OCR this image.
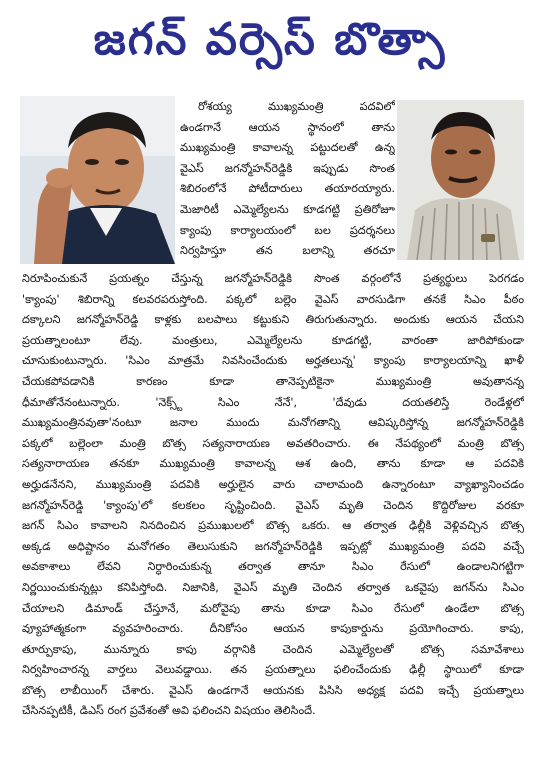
జగన్ వర్సెస్ బొత్సా
రోశయ్య ముఖ్యమంత్రి పదవిలో
ఉండగానే ఆయన స్థానంలో తాను
ముఖ్యమంత్రి కావాలన్న పట్టుదలతో ఉన్న
వైఎస్ జగన్మోహన్‌రెడ్డికి ఇప్పుడు సొంత
శిబిరంలోనే పోటీదారులు తయారయ్యారు.
మెజారిటీ ఎమ్మెల్యేలను కూడగట్టి ప్రతిరోజూ
క్యాంపు కార్యాలయంలో బల ప్రదర్శనలు
నిర్వహిస్తూ తన బలాన్ని తరచూ
నిరూపించుకునే ప్రయత్నం చేస్తున్న జగన్మోహన్‌రెడ్డికి సొంత వర్గంలోనే ప్రత్యర్థులు పెరగడం
'క్యాంపు' శిబిరాన్ని కలవరపరుస్తోంది. పక్కలో బల్లెం వైఎస్ వారసుడిగా తనకే సిఎం పీఠం
దక్కాలని జగన్మోహన్‌రెడ్డి కాళ్లకు బలపాలు కట్టుకుని తిరుగుతున్నారు. అందుకు ఆయన చేయని
ప్రయత్నాలంటూ లేవు. మంత్రులు, ఎమ్మెల్యేలను కూడగట్టి, వారంతా జారిపోకుండా
చూసుకుంటున్నారు. 'సిఎం మాత్రమే నివసించేందుకు అర్హతలున్న' క్యాంపు కార్యాలయాన్ని ఖాళీ
చేయకపోవడానికి కారణం కూడా తానెప్పటికైనా ముఖ్యమంత్రి అవుతానన్న
ధీమాతోనేనంటున్నారు. 'నెక్స్ట్ సిఎం నేనే', 'దేవుడు దయతలిస్తే రెండేళ్లలో
ముఖ్యమంత్రినవుతా'నంటూ జనాల ముందు మనోగతాన్ని ఆవిష్కరిస్తోన్న జగన్మోహన్‌రెడ్డికి
పక్కలో బల్లెంలా మంత్రి బొత్స సత్యనారాయణ అవతరించారు. ఈ నేపథ్యంలో మంత్రి బొత్స
సత్యనారాయణ తనకూ ముఖ్యమంత్రి కావాలన్న ఆశ ఉంది, తాను కూడా ఆ పదవికి
అర్హుడనేనని, ముఖ్యమంత్రి పదవికి అర్హులైన వారు చాలామంది ఉన్నారంటూ వ్యాఖ్యానించడం
జగన్మోహన్‌రెడ్డి 'క్యాంపు'లో కలకలం సృష్టించింది. వైఎస్ మృతి చెందిన కొద్దిరోజుల వరకూ
జగన్ సిఎం కావాలని నినదించిన ప్రముఖులలో బొత్స ఒకరు. ఆ తర్వాత ఢిల్లీకి వెళ్లివచ్చిన బొత్స
అక్కడ అధిష్టానం మనోగతం తెలుసుకుని జగన్మోహన్‌రెడ్డికి ఇప్పట్లో ముఖ్యమంత్రి పదవి వచ్చే
అవకాశాలు లేవని నిర్ధారించుకున్న తర్వాత తానూ సిఎం రేసులో ఉండాలనిగట్టిగా
నిర్ణయించుకున్నట్లు కనిపిస్తోంది. నిజానికి, వైఎస్ మృతి చెందిన తర్వాత ఒకవైపు జగన్‌ను సిఎం
చేయాలని డిమాండ్ చేస్తూనే, మరోవైపు తాను కూడా సిఎం రేసులో ఉండేలా బొత్స
వ్యూహాత్మకంగా వ్యవహరించారు. దీనికోసం ఆయన కాపుకార్డును ప్రయోగించారు. కాపు,
తూర్పుకాపు, మున్నూరు కాపు వర్గానికి చెందిన ఎమ్మెల్యేలతో బొత్స సమావేశాలు
నిర్వహించారన్న వార్తలు వెలువడ్డాయి. తన ప్రయత్నాలు ఫలించేందుకు ఢిల్లీ స్థాయిలో కూడా
బొత్స లాబీయింగ్ చేశారు. వైఎస్ ఉండగానే ఆయనకు పిసిసి అధ్యక్ష పదవి ఇచ్చే ప్రయత్నాలు
చేసినప్పటికీ, డిఎస్ రంగ ప్రవేశంతో అవి ఫలించని విషయం తెలిసిందే.
